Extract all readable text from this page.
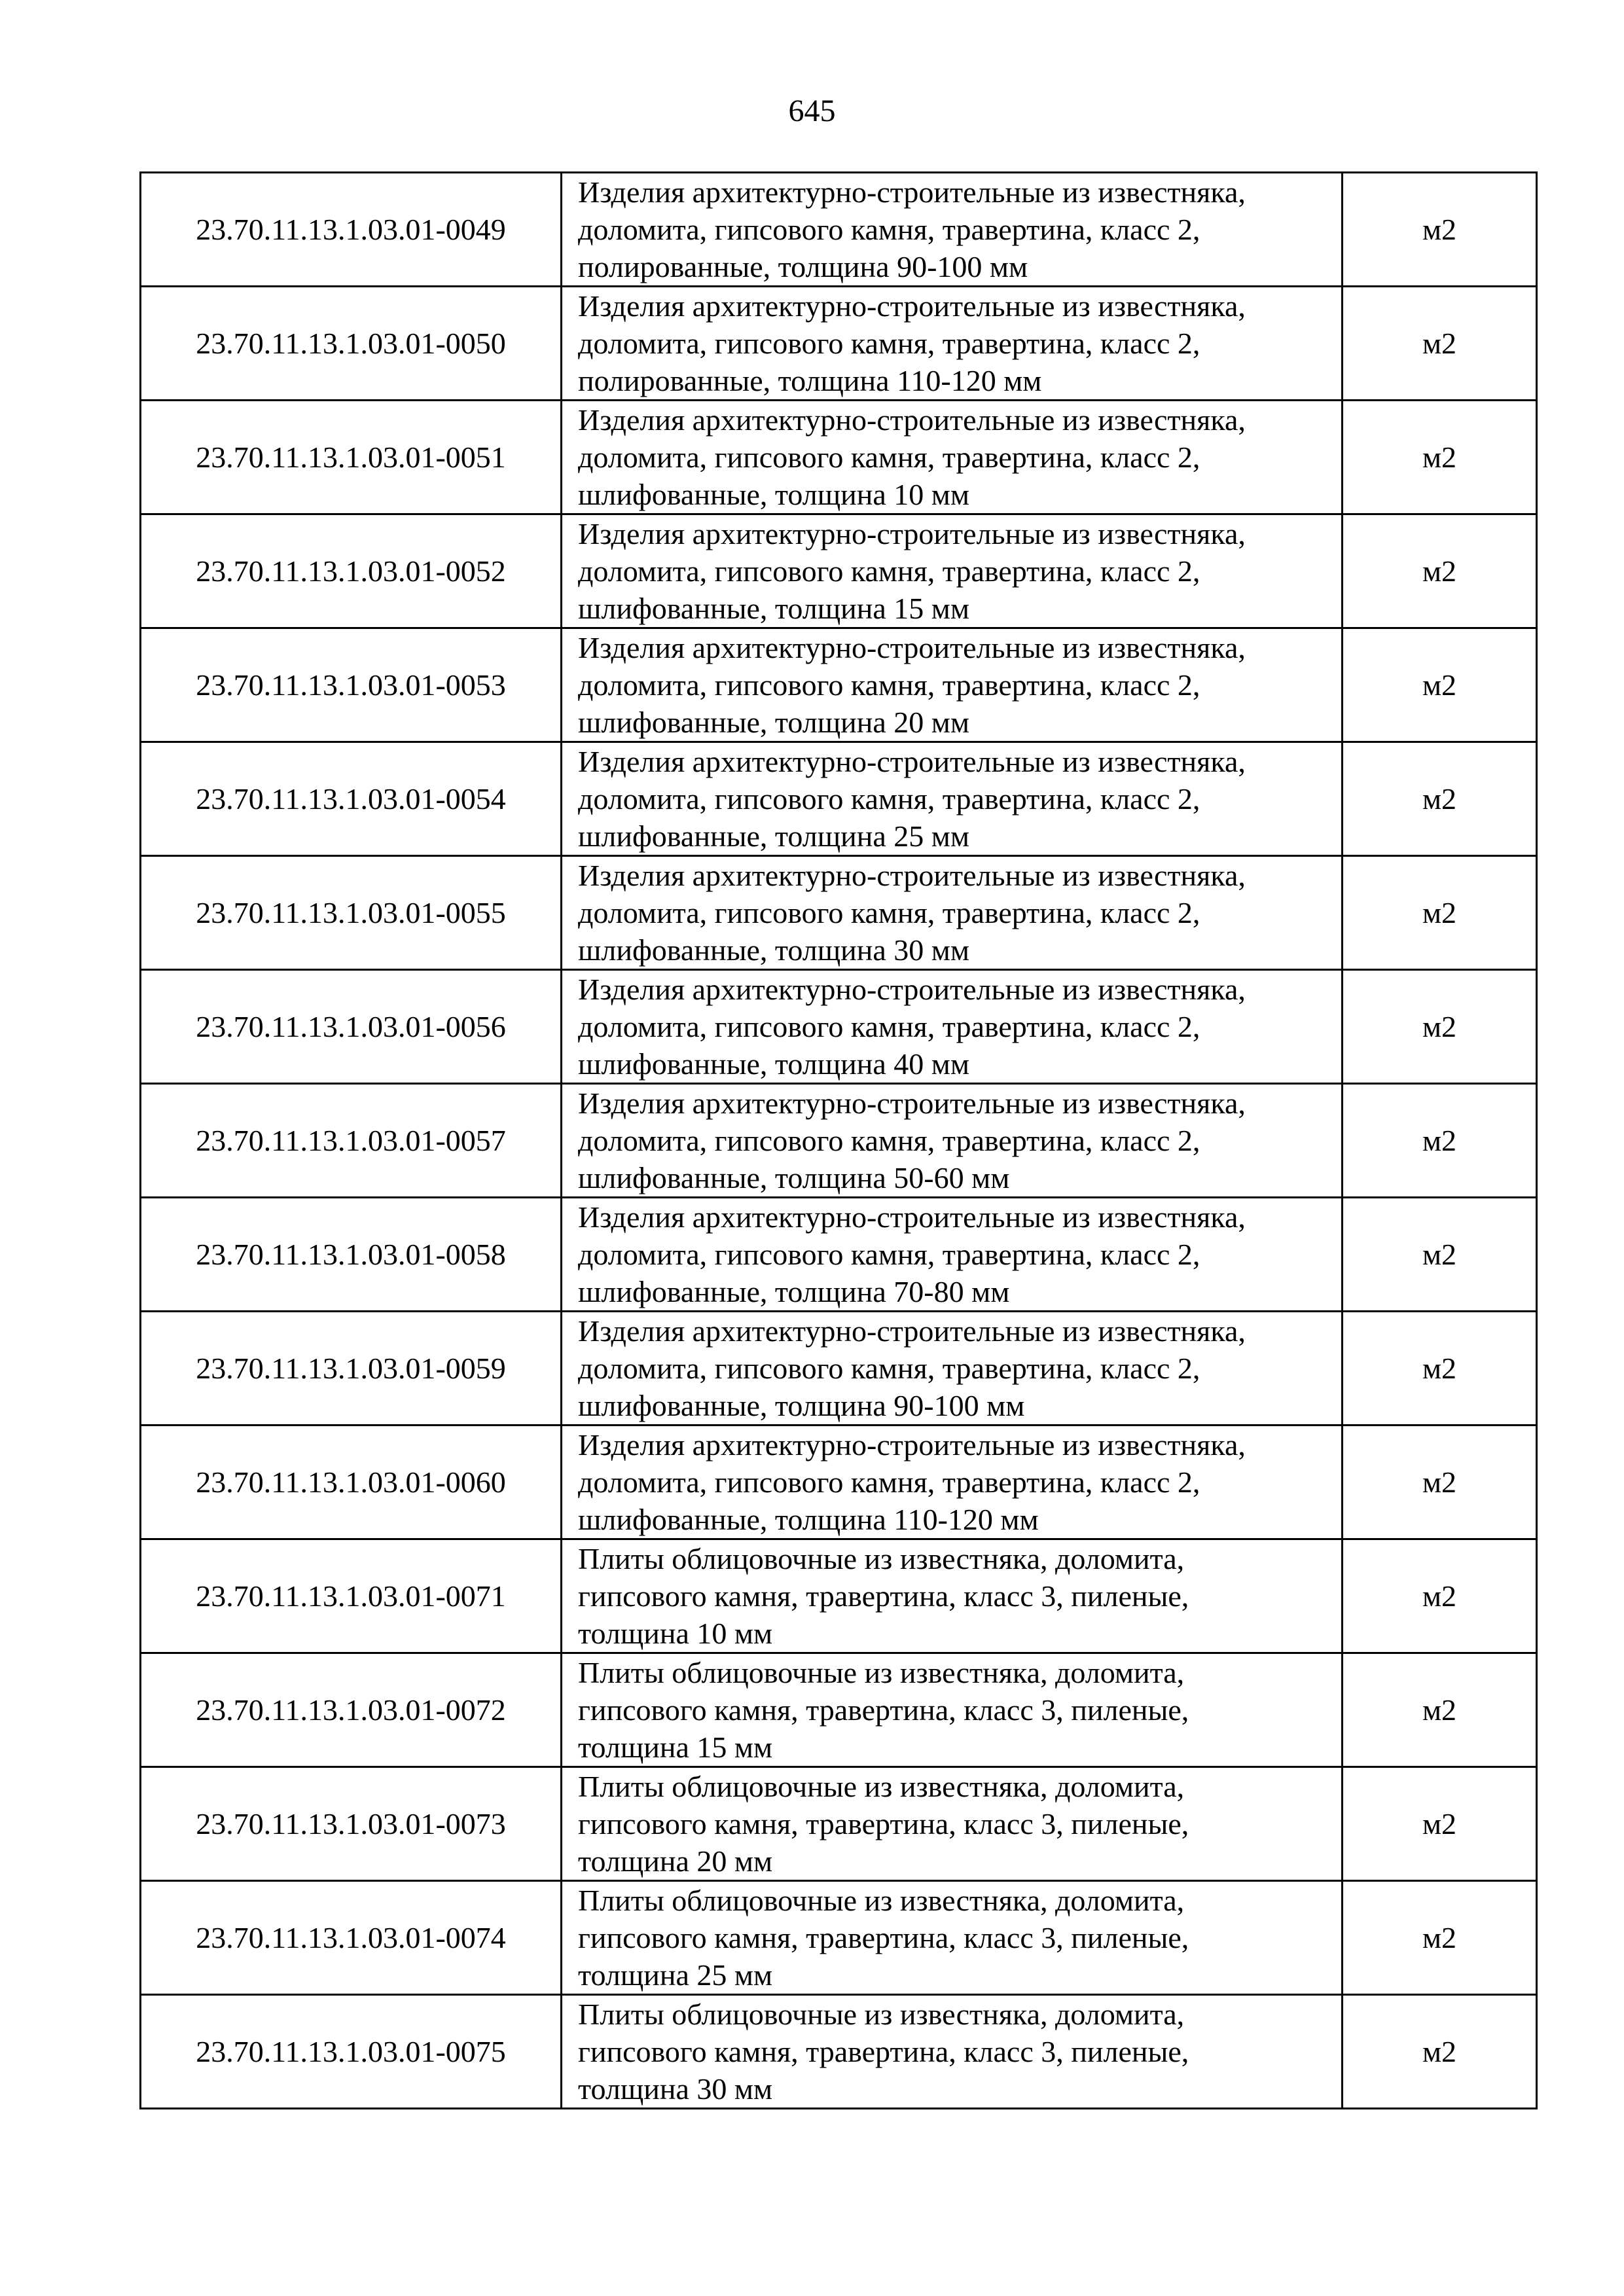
645
23.70.11.13.1.03.01-0049	Изделия архитектурно-строительные из известняка,
доломита, гипсового камня, травертина, класс 2,
полированные, толщина 90-100 мм	м2
23.70.11.13.1.03.01-0050	Изделия архитектурно-строительные из известняка,
доломита, гипсового камня, травертина, класс 2,
полированные, толщина 110-120 мм	м2
23.70.11.13.1.03.01-0051	Изделия архитектурно-строительные из известняка,
доломита, гипсового камня, травертина, класс 2,
шлифованные, толщина 10 мм	м2
23.70.11.13.1.03.01-0052	Изделия архитектурно-строительные из известняка,
доломита, гипсового камня, травертина, класс 2,
шлифованные, толщина 15 мм	м2
23.70.11.13.1.03.01-0053	Изделия архитектурно-строительные из известняка,
доломита, гипсового камня, травертина, класс 2,
шлифованные, толщина 20 мм	м2
23.70.11.13.1.03.01-0054	Изделия архитектурно-строительные из известняка,
доломита, гипсового камня, травертина, класс 2,
шлифованные, толщина 25 мм	м2
23.70.11.13.1.03.01-0055	Изделия архитектурно-строительные из известняка,
доломита, гипсового камня, травертина, класс 2,
шлифованные, толщина 30 мм	м2
23.70.11.13.1.03.01-0056	Изделия архитектурно-строительные из известняка,
доломита, гипсового камня, травертина, класс 2,
шлифованные, толщина 40 мм	м2
23.70.11.13.1.03.01-0057	Изделия архитектурно-строительные из известняка,
доломита, гипсового камня, травертина, класс 2,
шлифованные, толщина 50-60 мм	м2
23.70.11.13.1.03.01-0058	Изделия архитектурно-строительные из известняка,
доломита, гипсового камня, травертина, класс 2,
шлифованные, толщина 70-80 мм	м2
23.70.11.13.1.03.01-0059	Изделия архитектурно-строительные из известняка,
доломита, гипсового камня, травертина, класс 2,
шлифованные, толщина 90-100 мм	м2
23.70.11.13.1.03.01-0060	Изделия архитектурно-строительные из известняка,
доломита, гипсового камня, травертина, класс 2,
шлифованные, толщина 110-120 мм	м2
23.70.11.13.1.03.01-0071	Плиты облицовочные из известняка, доломита,
гипсового камня, травертина, класс 3, пиленые,
толщина 10 мм	м2
23.70.11.13.1.03.01-0072	Плиты облицовочные из известняка, доломита,
гипсового камня, травертина, класс 3, пиленые,
толщина 15 мм	м2
23.70.11.13.1.03.01-0073	Плиты облицовочные из известняка, доломита,
гипсового камня, травертина, класс 3, пиленые,
толщина 20 мм	м2
23.70.11.13.1.03.01-0074	Плиты облицовочные из известняка, доломита,
гипсового камня, травертина, класс 3, пиленые,
толщина 25 мм	м2
23.70.11.13.1.03.01-0075	Плиты облицовочные из известняка, доломита,
гипсового камня, травертина, класс 3, пиленые,
толщина 30 мм	м2
